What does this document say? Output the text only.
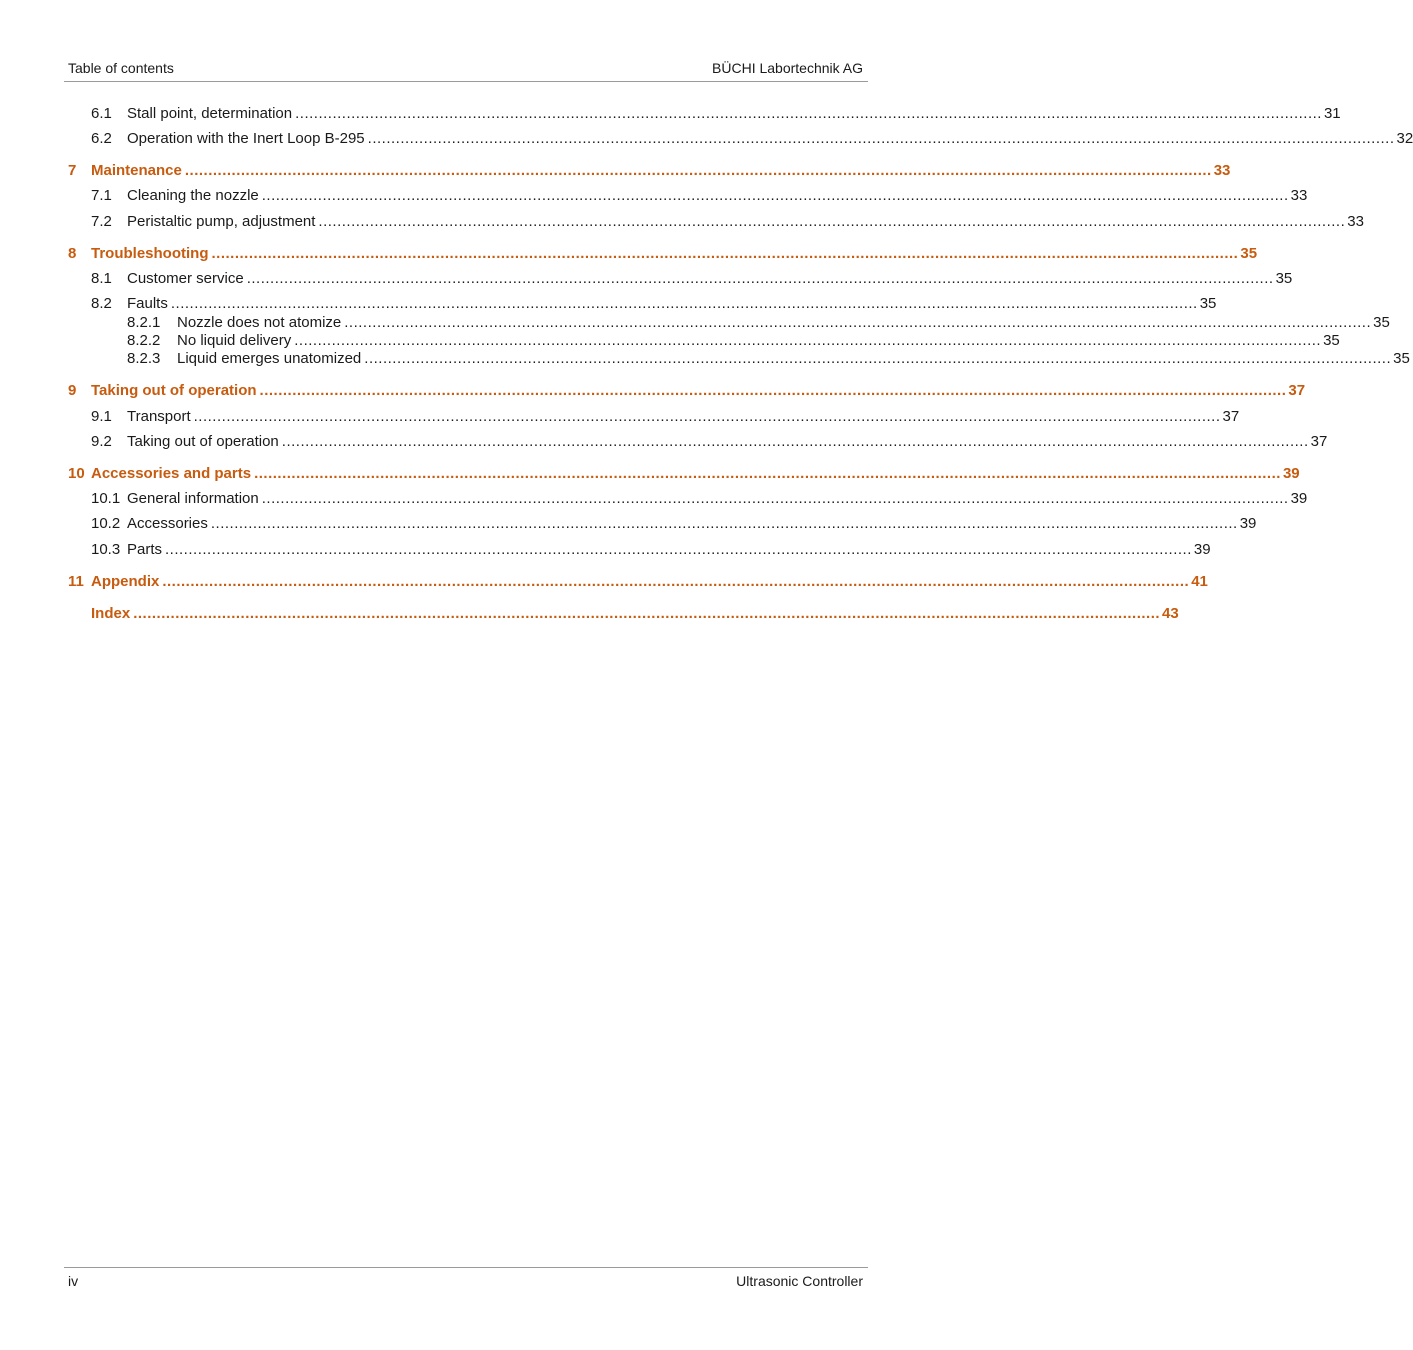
Table of contents	BÜCHI Labortechnik AG
6.1	Stall point, determination ............................................................................................................................................................................................................................ 31
6.2	Operation with the Inert Loop B-295 ............................................................................................................................................................................................................................ 32
7 Maintenance ............................................................................................................................................................................................................................ 33
7.1	Cleaning the nozzle ............................................................................................................................................................................................................................ 33
7.2	Peristaltic pump, adjustment ............................................................................................................................................................................................................................ 33
8 Troubleshooting ............................................................................................................................................................................................................................ 35
8.1	Customer service ............................................................................................................................................................................................................................ 35
8.2	Faults ............................................................................................................................................................................................................................ 35
8.2.1	Nozzle does not atomize ............................................................................................................................................................................................................................ 35
8.2.2	No liquid delivery ............................................................................................................................................................................................................................ 35
8.2.3	Liquid emerges unatomized ............................................................................................................................................................................................................................ 35
9 Taking out of operation ............................................................................................................................................................................................................................ 37
9.1	Transport ............................................................................................................................................................................................................................ 37
9.2	Taking out of operation ............................................................................................................................................................................................................................ 37
10 Accessories and parts ............................................................................................................................................................................................................................ 39
10.1 General information ............................................................................................................................................................................................................................ 39
10.2 Accessories ............................................................................................................................................................................................................................ 39
10.3 Parts ............................................................................................................................................................................................................................ 39
11 Appendix ............................................................................................................................................................................................................................ 41
Index ............................................................................................................................................................................................................................ 43
iv	Ultrasonic Controller
